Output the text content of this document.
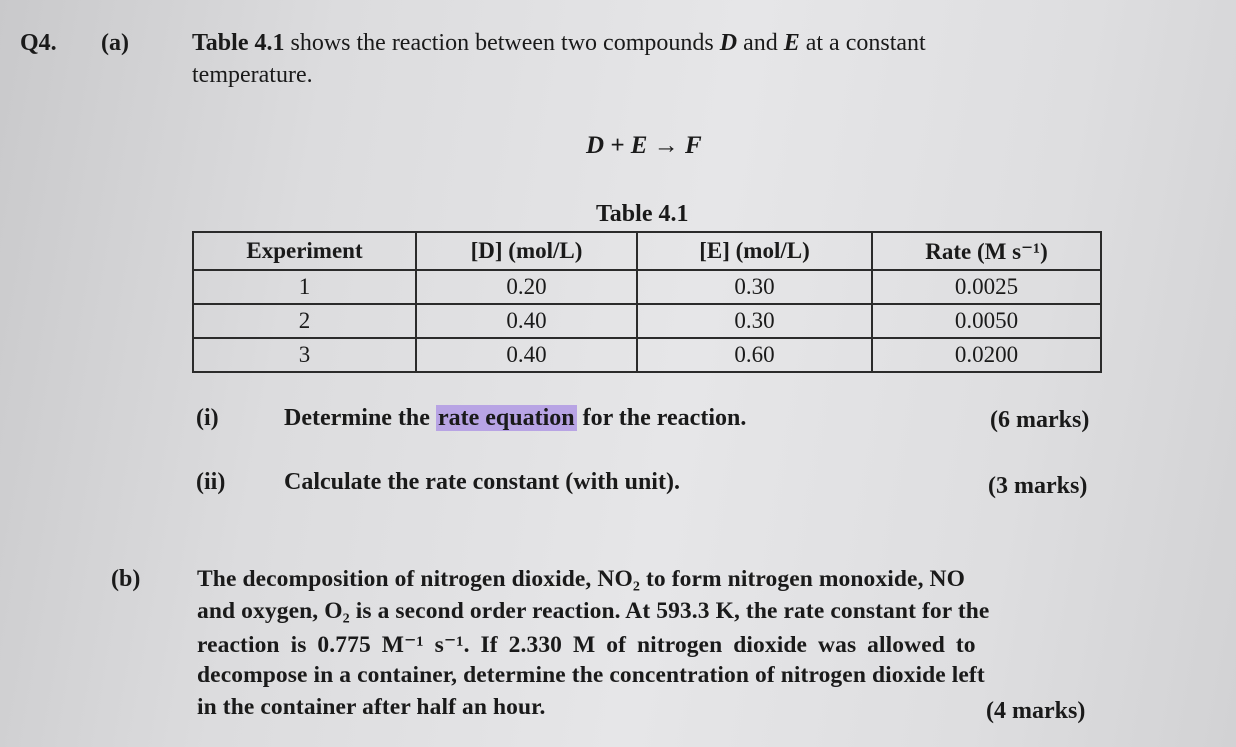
Q4. (a)	Table 4.1 shows the reaction between two compounds D and E at a constant
temperature.
D + E → F
Table 4.1
Experiment	[D] (mol/L)	[E] (mol/L)	Rate (M s⁻¹)
1	0.20	0.30	0.0025
2	0.40	0.30	0.0050
3	0.40	0.60	0.0200
(i)	Determine the rate equation for the reaction.	(6 marks)
(ii) Calculate the rate constant (with unit).	(3 marks)
(b) The decomposition of nitrogen dioxide, NO₂ to form nitrogen monoxide, NO
and oxygen, O₂ is a second order reaction. At 593.3 K, the rate constant for the
reaction is 0.775 M⁻¹ s⁻¹. If 2.330 M of nitrogen dioxide was allowed to
decompose in a container, determine the concentration of nitrogen dioxide left
in the container after half an hour.	(4 marks)
